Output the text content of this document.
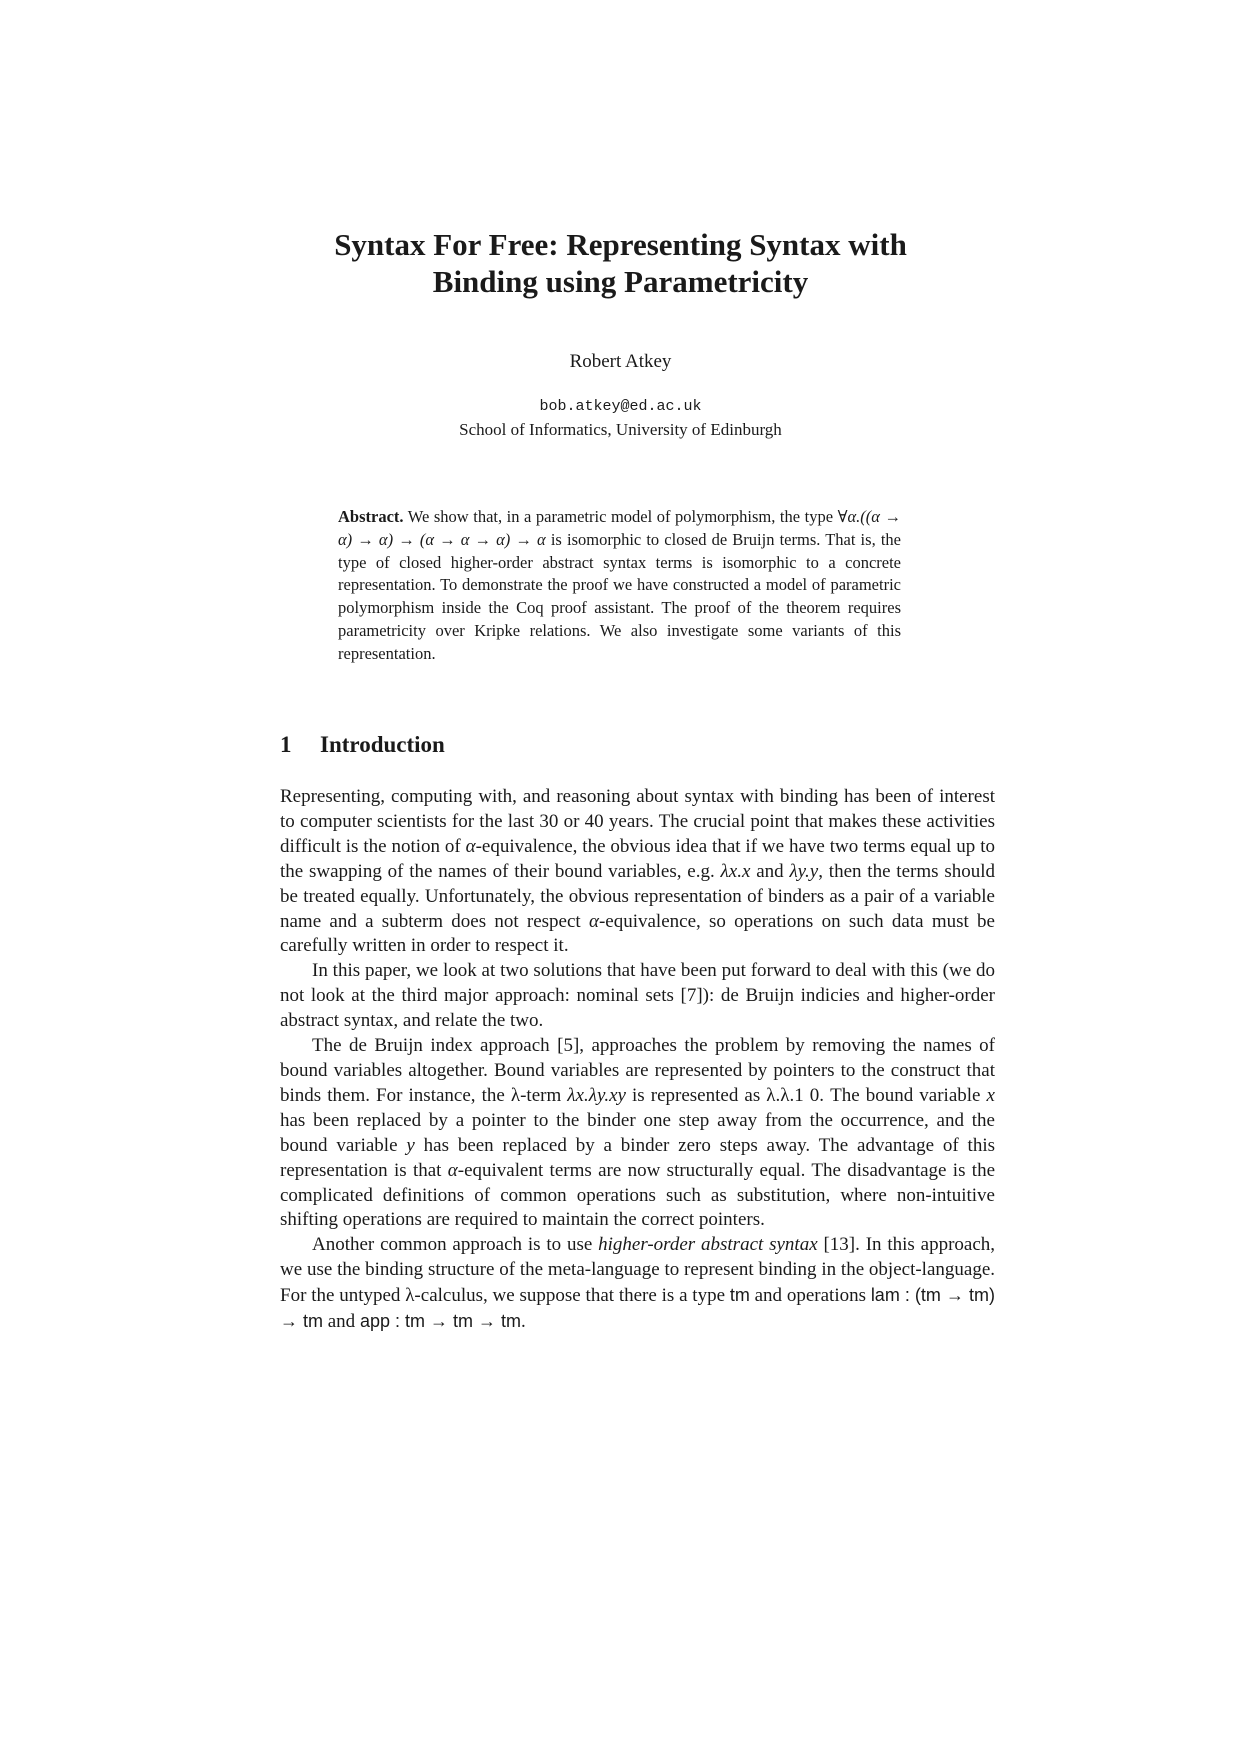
Syntax For Free: Representing Syntax with
Binding using Parametricity

Robert Atkey

bob.atkey@ed.ac.uk

School of Informatics, University of Edinburgh

Abstract. We show that, in a parametric model of polymorphism, the type ∀α.((α → α) → α) → (α → α → α) → α is isomorphic to closed de Bruijn terms. That is, the type of closed higher-order abstract syntax terms is isomorphic to a concrete representation. To demonstrate the proof we have constructed a model of parametric polymorphism inside the Coq proof assistant. The proof of the theorem requires parametricity over Kripke relations. We also investigate some variants of this representation.
1 Introduction

Representing, computing with, and reasoning about syntax with binding has been of interest to computer scientists for the last 30 or 40 years. The crucial point that makes these activities difficult is the notion of α-equivalence, the obvious idea that if we have two terms equal up to the swapping of the names of their bound variables, e.g. λx.x and λy.y, then the terms should be treated equally. Unfortunately, the obvious representation of binders as a pair of a variable name and a subterm does not respect α-equivalence, so operations on such data must be carefully written in order to respect it.

In this paper, we look at two solutions that have been put forward to deal with this (we do not look at the third major approach: nominal sets [7]): de Bruijn indicies and higher-order abstract syntax, and relate the two.

The de Bruijn index approach [5], approaches the problem by removing the names of bound variables altogether. Bound variables are represented by pointers to the construct that binds them. For instance, the λ-term λx.λy.xy is represented as λ.λ.1 0. The bound variable x has been replaced by a pointer to the binder one step away from the occurrence, and the bound variable y has been replaced by a binder zero steps away. The advantage of this representation is that α-equivalent terms are now structurally equal. The disadvantage is the complicated definitions of common operations such as substitution, where non-intuitive shifting operations are required to maintain the correct pointers.

Another common approach is to use higher-order abstract syntax [13]. In this approach, we use the binding structure of the meta-language to represent binding in the object-language. For the untyped λ-calculus, we suppose that there is a type tm and operations lam : (tm → tm) → tm and app : tm → tm → tm.
